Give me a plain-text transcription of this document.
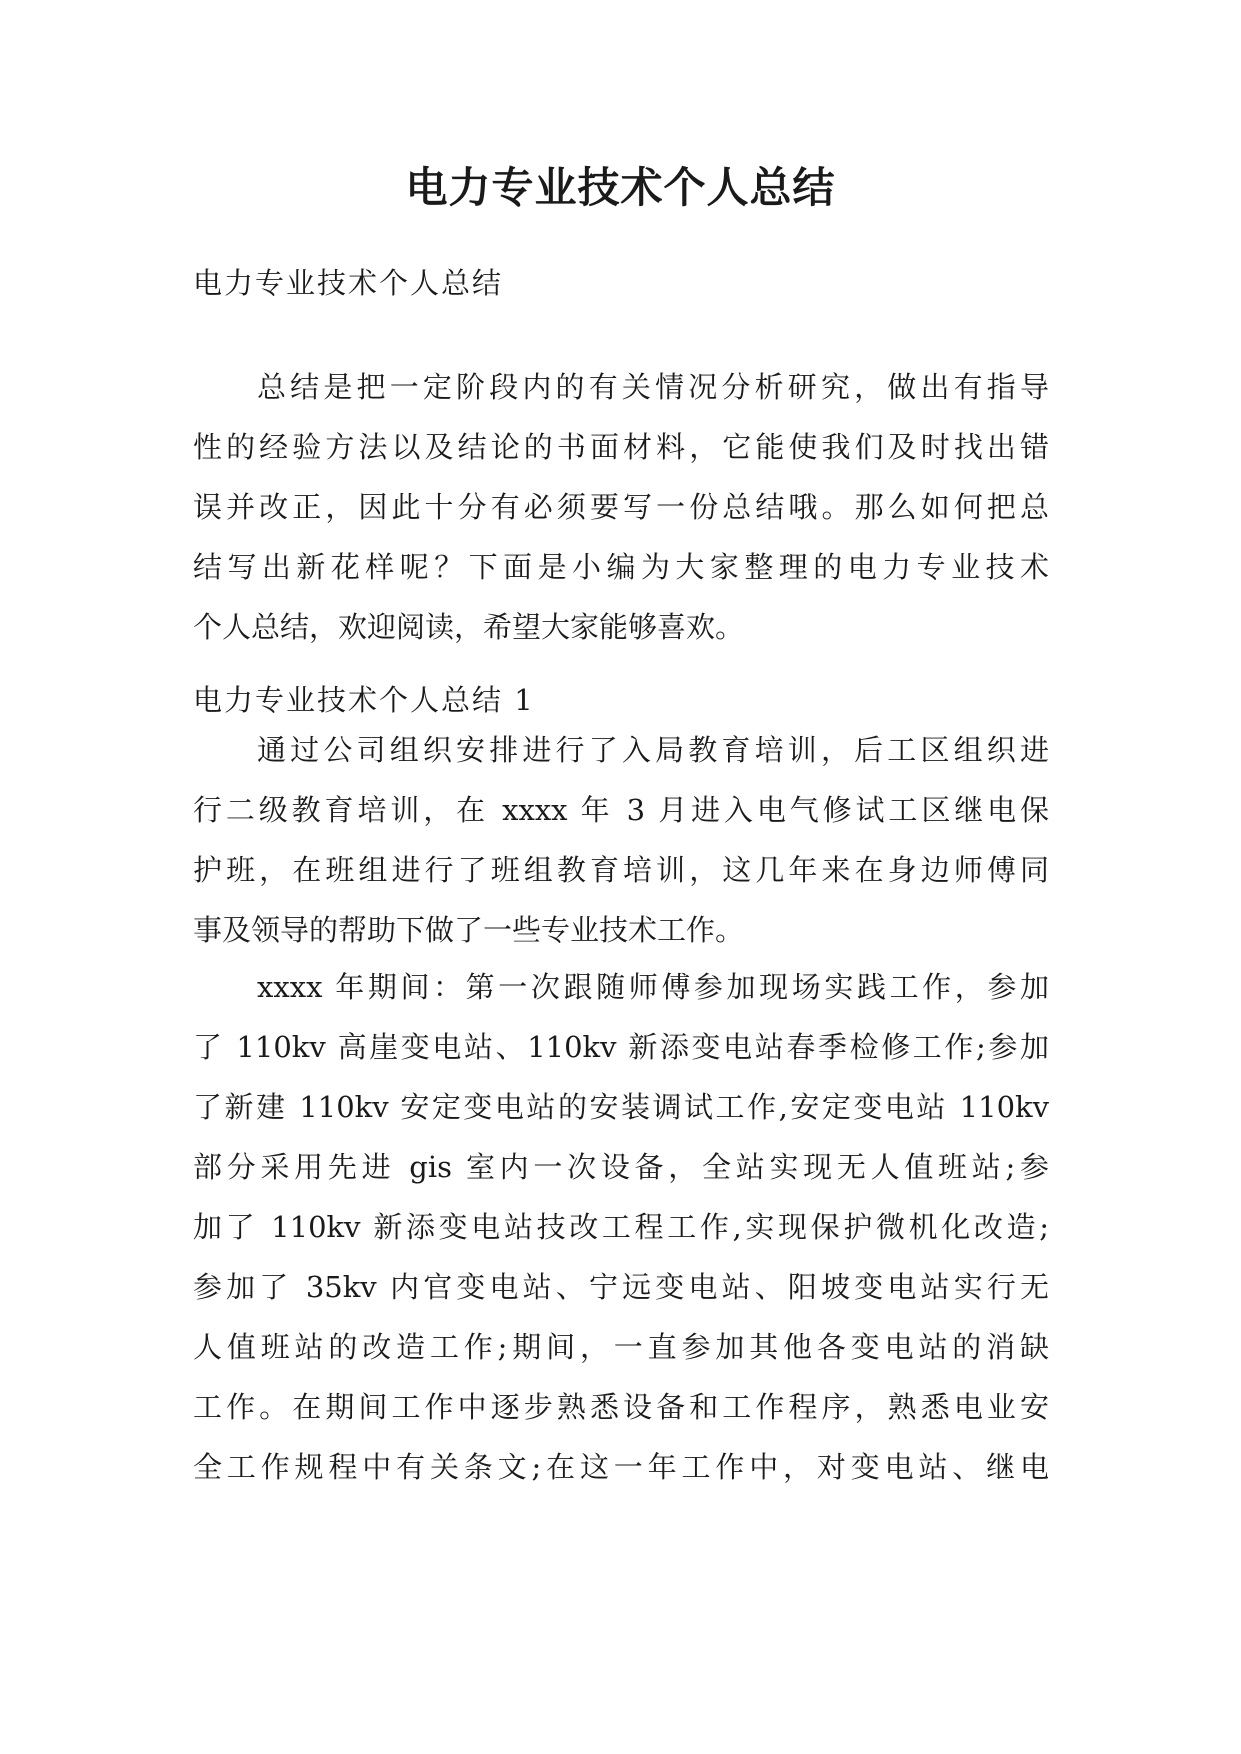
电力专业技术个人总结

电力专业技术个人总结

总结是把一定阶段内的有关情况分析研究，做出有指导
性的经验方法以及结论的书面材料，它能使我们及时找出错
误并改正，因此十分有必须要写一份总结哦。那么如何把总
结写出新花样呢？下面是小编为大家整理的电力专业技术
个人总结，欢迎阅读，希望大家能够喜欢。

电力专业技术个人总结 1

通过公司组织安排进行了入局教育培训，后工区组织进
行二级教育培训，在 xxxx 年 3 月进入电气修试工区继电保
护班，在班组进行了班组教育培训，这几年来在身边师傅同
事及领导的帮助下做了一些专业技术工作。
xxxx 年期间：第一次跟随师傅参加现场实践工作，参加
了 110kv 高崖变电站、110kv 新添变电站春季检修工作;参加
了新建 110kv 安定变电站的安装调试工作,安定变电站 110kv
部分采用先进 gis 室内一次设备，全站实现无人值班站;参
加了 110kv 新添变电站技改工程工作,实现保护微机化改造;
参加了 35kv 内官变电站、宁远变电站、阳坡变电站实行无
人值班站的改造工作;期间，一直参加其他各变电站的消缺
工作。在期间工作中逐步熟悉设备和工作程序，熟悉电业安
全工作规程中有关条文;在这一年工作中，对变电站、继电
